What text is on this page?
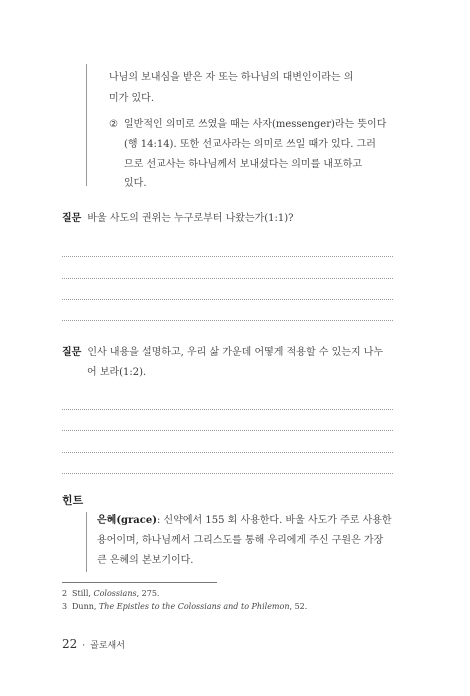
나님의 보내심을 받은 자 또는 하나님의 대변인이라는 의
미가 있다.
② 일반적인 의미로 쓰였을 때는 사자(messenger)라는 뜻이다
(행 14:14). 또한 선교사라는 의미로 쓰일 때가 있다. 그러
므로 선교사는 하나님께서 보내셨다는 의미를 내포하고
있다.
질문 바울 사도의 권위는 누구로부터 나왔는가(1:1)?
질문 인사 내용을 설명하고, 우리 삶 가운데 어떻게 적용할 수 있는지 나누
어 보라(1:2).
힌트
은혜(grace): 신약에서 155 회 사용한다. 바울 사도가 주로 사용한
용어이며, 하나님께서 그리스도를 통해 우리에게 주신 구원은 가장
큰 은혜의 본보기이다.
2 Still, Colossians, 275.
3 Dunn, The Epistles to the Colossians and to Philemon, 52.
22 · 골로새서
